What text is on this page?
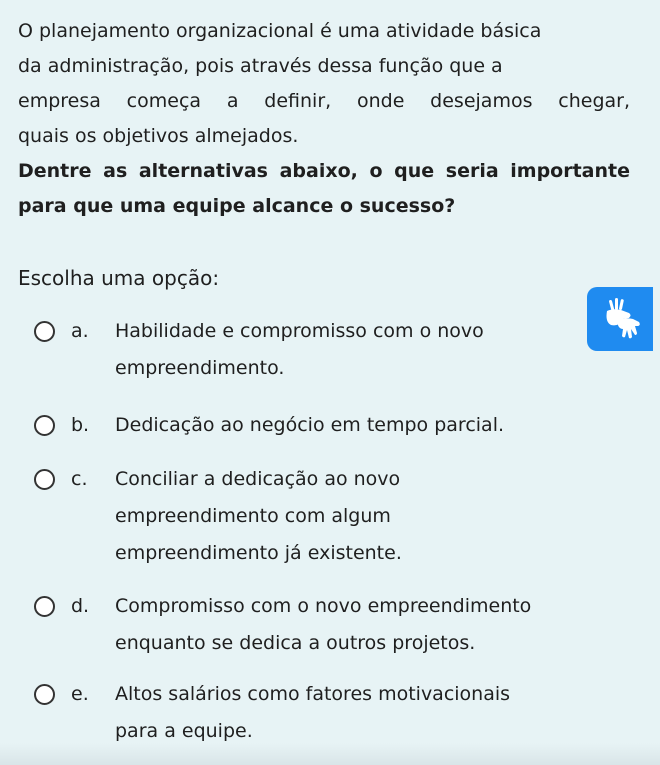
O planejamento organizacional é uma atividade básica

da administração, pois através dessa função que a

empresa começa a definir, onde desejamos chegar,

quais os objetivos almejados.

Dentre as alternativas abaixo, o que seria importante

para que uma equipe alcance o sucesso?

Escolha uma opção:
a. Habilidade e compromisso com o novo
empreendimento.
b. Dedicação ao negócio em tempo parcial.
c. Conciliar a dedicação ao novo
empreendimento com algum
empreendimento já existente.
d. Compromisso com o novo empreendimento
enquanto se dedica a outros projetos.
e. Altos salários como fatores motivacionais
para a equipe.
